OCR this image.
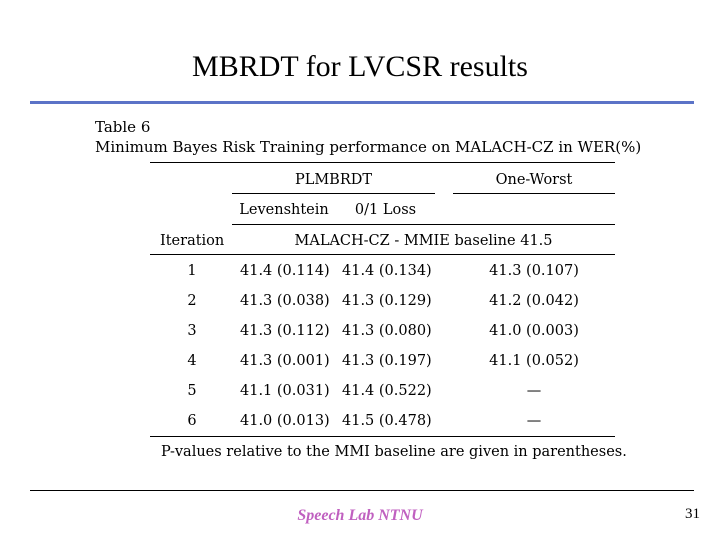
MBRDT for LVCSR results
Table 6
Minimum Bayes Risk Training performance on MALACH-CZ in WER(%)
PLMBRDT	One-Worst
Levenshtein	0/1 Loss
Iteration	MALACH-CZ - MMIE baseline 41.5
1	41.4 (0.114) 41.4 (0.134)	41.3 (0.107)
2	41.3 (0.038) 41.3 (0.129)	41.2 (0.042)
3	41.3 (0.112) 41.3 (0.080)	41.0 (0.003)
4	41.3 (0.001) 41.3 (0.197)	41.1 (0.052)
5	41.1 (0.031) 41.4 (0.522)	—
6	41.0 (0.013) 41.5 (0.478)	—
P-values relative to the MMI baseline are given in parentheses.
Speech Lab NTNU	31
